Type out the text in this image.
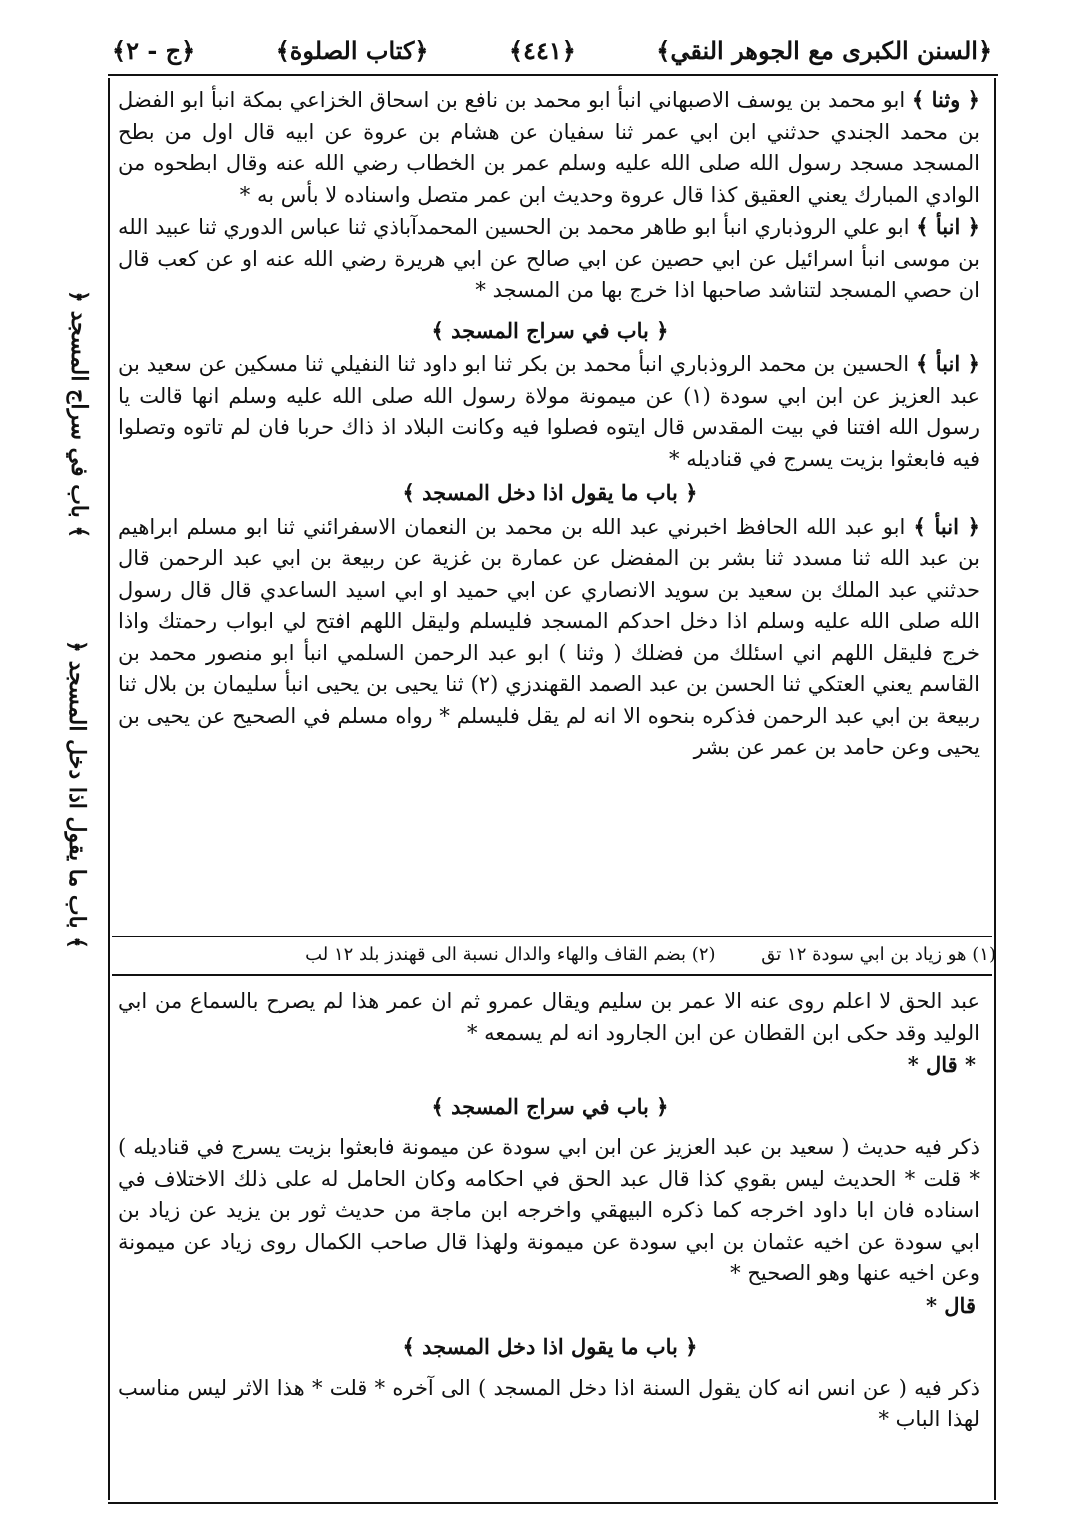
﴿السنن الكبرى مع الجوهر النقي﴾
﴿٤٤١﴾
﴿كتاب الصلوة﴾
﴿ج - ٢﴾
﴿ باب في سراج المسجد ﴾
﴿ باب ما يقول اذا دخل المسجد ﴾

﴿ وثنا ﴾ ابو محمد بن يوسف الاصبهاني انبأ ابو محمد بن نافع بن اسحاق الخزاعي بمكة انبأ ابو الفضل بن محمد الجندي حدثني ابن ابي عمر ثنا سفيان عن هشام بن عروة عن ابيه قال اول من بطح المسجد مسجد رسول الله صلى الله عليه وسلم عمر بن الخطاب رضي الله عنه وقال ابطحوه من الوادي المبارك يعني العقيق كذا قال عروة وحديث ابن عمر متصل واسناده لا بأس به *

﴿ انبأ ﴾ ابو علي الروذباري انبأ ابو طاهر محمد بن الحسين المحمدآباذي ثنا عباس الدوري ثنا عبيد الله بن موسى انبأ اسرائيل عن ابي حصين عن ابي صالح عن ابي هريرة رضي الله عنه او عن كعب قال ان حصي المسجد لتناشد صاحبها اذا خرج بها من المسجد *

﴿ باب في سراج المسجد ﴾

﴿ انبأ ﴾ الحسين بن محمد الروذباري انبأ محمد بن بكر ثنا ابو داود ثنا النفيلي ثنا مسكين عن سعيد بن عبد العزيز عن ابن ابي سودة (١) عن ميمونة مولاة رسول الله صلى الله عليه وسلم انها قالت يا رسول الله افتنا في بيت المقدس قال ايتوه فصلوا فيه وكانت البلاد اذ ذاك حربا فان لم تاتوه وتصلوا فيه فابعثوا بزيت يسرج في قناديله *

﴿ باب ما يقول اذا دخل المسجد ﴾

﴿ انبأ ﴾ ابو عبد الله الحافظ اخبرني عبد الله بن محمد بن النعمان الاسفرائني ثنا ابو مسلم ابراهيم بن عبد الله ثنا مسدد ثنا بشر بن المفضل عن عمارة بن غزية عن ربيعة بن ابي عبد الرحمن قال حدثني عبد الملك بن سعيد بن سويد الانصاري عن ابي حميد او ابي اسيد الساعدي قال قال رسول الله صلى الله عليه وسلم اذا دخل احدكم المسجد فليسلم وليقل اللهم افتح لي ابواب رحمتك واذا خرج فليقل اللهم اني اسئلك من فضلك ( وثنا ) ابو عبد الرحمن السلمي انبأ ابو منصور محمد بن القاسم يعني العتكي ثنا الحسن بن عبد الصمد القهندزي (٢) ثنا يحيى بن يحيى انبأ سليمان بن بلال ثنا ربيعة بن ابي عبد الرحمن فذكره بنحوه الا انه لم يقل فليسلم * رواه مسلم في الصحيح عن يحيى بن يحيى وعن حامد بن عمر عن بشر

(١) هو زياد بن ابي سودة ١٢ تق        (٢) بضم القاف والهاء والدال نسبة الى قهندز بلد ١٢ لب

عبد الحق لا اعلم روى عنه الا عمر بن سليم ويقال عمرو ثم ان عمر هذا لم يصرح بالسماع من ابي الوليد وقد حكى ابن القطان عن ابن الجارود انه لم يسمعه *

* قال *
﴿ باب في سراج المسجد ﴾

ذكر فيه حديث ( سعيد بن عبد العزيز عن ابن ابي سودة عن ميمونة فابعثوا بزيت يسرج في قناديله ) * قلت * الحديث ليس بقوي كذا قال عبد الحق في احكامه وكان الحامل له على ذلك الاختلاف في اسناده فان ابا داود اخرجه كما ذكره البيهقي واخرجه ابن ماجة من حديث ثور بن يزيد عن زياد بن ابي سودة عن اخيه عثمان بن ابي سودة عن ميمونة ولهذا قال صاحب الكمال روى زياد عن ميمونة وعن اخيه عنها وهو الصحيح *

قال *
﴿ باب ما يقول اذا دخل المسجد ﴾

ذكر فيه ( عن انس انه كان يقول السنة اذا دخل المسجد ) الى آخره * قلت * هذا الاثر ليس مناسب لهذا الباب *
